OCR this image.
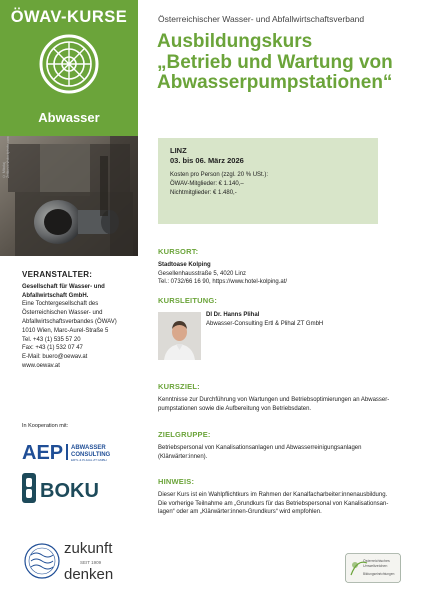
ÖWAV-KURSE
Abwasser
© Mikolaj Zvitkovich/istockphoto.com
VERANSTALTER:
Gesellschaft für Wasser- und
Abfallwirtschaft GmbH.
Eine Tochtergesellschaft des
Österreichischen Wasser- und
Abfallwirtschaftsverbandes (ÖWAV)
1010 Wien, Marc-Aurel-Straße 5
Tel. +43 (1) 535 57 20
Fax: +43 (1) 532 07 47
E-Mail: buero@oewav.at
www.oewav.at
In Kooperation mit:
AEP ABWASSER
CONSULTING
ERTL & PLIHAL ZT GMBH
BOKU
zukunft
SEIT 1909
denken
Österreichischer Wasser- und Abfallwirtschaftsverband
Ausbildungskurs
„Betrieb und Wartung von
Abwasserpumpstationen“
LINZ
03. bis 06. März 2026
Kosten pro Person (zzgl. 20 % USt.):
ÖWAV-Mitglieder: € 1.140,–
Nichtmitglieder: € 1.480,-
KURSORT:
Stadtoase Kolping
Gesellenhausstraße 5, 4020 Linz
Tel.: 0732/66 16 90, https://www.hotel-kolping.at/
KURSLEITUNG:
DI Dr. Hanns Plihal
Abwasser-Consulting Ertl & Plihal ZT GmbH
KURSZIEL:
Kenntnisse zur Durchführung von Wartungen und Betriebsoptimierungen an Abwasser-
pumpstationen sowie die Aufbereitung von Betriebsdaten.
ZIELGRUPPE:
Betriebspersonal von Kanalisationsanlagen und Abwasserreinigungsanlagen
(Klärwärter:innen).
HINWEIS:
Dieser Kurs ist ein Wahlpflichtkurs im Rahmen der Kanalfacharbeiter:innenausbildung.
Die vorherige Teilnahme am „Grundkurs für das Betriebspersonal von Kanalisationsan-
lagen“ oder am „Klärwärter:innen-Grundkurs“ wird empfohlen.
Österreichisches
Umweltzeichen
Bildungseinrichtungen
